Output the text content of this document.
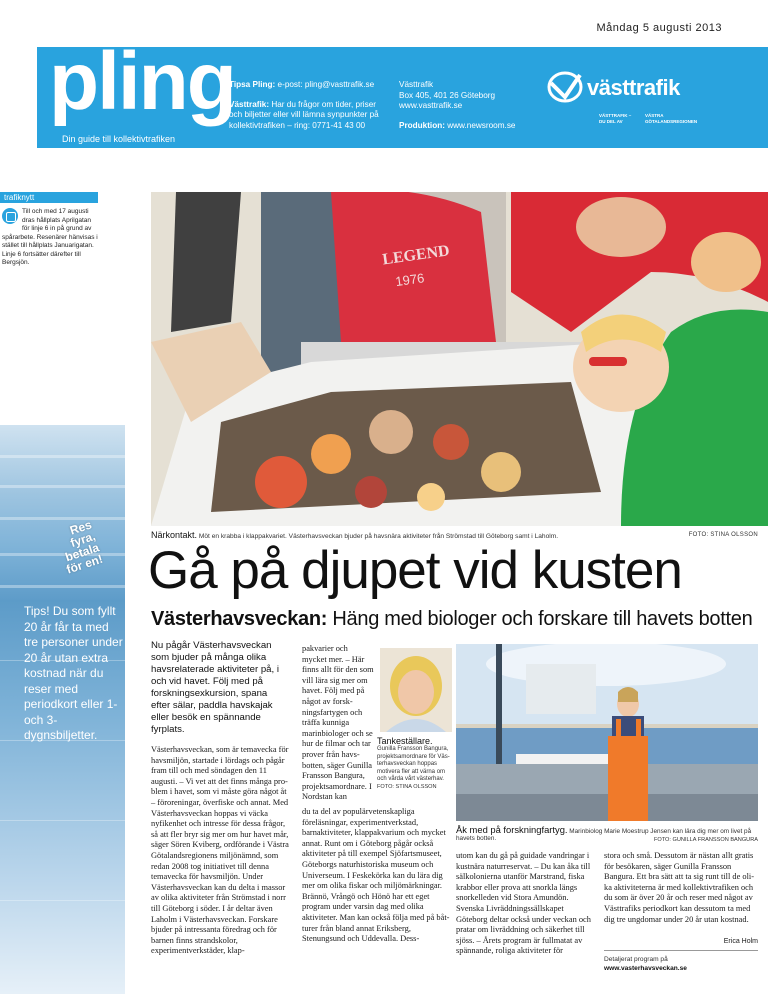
Måndag 5 augusti 2013
pling
Din guide till kollektivtrafiken
Tipsa Pling: e-post: pling@vasttrafik.se
Västtrafik: Har du frågor om tider, priser och biljetter eller vill lämna synpunkter på kollektivtrafiken – ring: 0771-41 43 00
Västtrafik
Box 405, 401 26 Göteborg
www.vasttrafik.se
Produktion: www.newsroom.se
västtrafik
VÄSTTRAFIK – DU DEL AV
VÄSTRA GÖTALANDSREGIONEN
trafiknytt
Till och med 17 augusti dras hållplats Aprilgatan för linje 6 in på grund av spårarbete. Resenärer hänvisas i stället till hållplats Januarigatan. Linje 6 fortsätter därefter till Bergsjön.
Res fyra, betala för en!
Tips! Du som fyllt 20 år får ta med tre personer under 20 år utan extra kostnad när du reser med periodkort eller 1- och 3-dygnsbiljetter.
LEGEND
1976
Närkontakt. Möt en krabba i klappakvariet. Västerhavsveckan bjuder på havsnära aktiviteter från Strömstad till Göteborg samt i Laholm.	FOTO: STINA OLSSON
Gå på djupet vid kusten
Västerhavsveckan: Häng med biologer och forskare till havets botten
Nu pågår Västerhavsveckan som bjuder på många olika havsrelaterade aktiviteter på, i och vid havet. Följ med på forskningsexkursion, spana efter sälar, paddla havskajak eller besök en spännande fyrplats.
Västerhavsveckan, som är temavecka för havsmiljön, startade i lördags och pågår fram till och med söndagen den 11 augusti. – Vi vet att det finns många problem i havet, som vi måste göra något åt – föroreningar, överfiske och annat. Med Västerhavsveckan hoppas vi väcka nyfikenhet och intresse för dessa frågor, så att fler bryr sig mer om hur havet mår, säger Sören Kviberg, ordförande i Västra Götalandsregionens miljönämnd, som redan 2008 tog initiativet till denna temavecka för havsmiljön. Under Västerhavsveckan kan du delta i massor av olika aktiviteter från Strömstad i norr till Göteborg i söder. I år deltar även Laholm i Västerhavsveckan. Forskare bjuder på intressanta föredrag och för barnen finns strandskolor, experimentverkstäder, klap-
pakvarier och mycket mer. – Här finns allt för den som vill lära sig mer om havet. Följ med på något av forskningsfartygen och träffa kunniga marinbiologer och se hur de filmar och tar prover från havsbotten, säger Gunilla Fransson Bangura, projektsamordnare. I Nordstan kan
du ta del av populärvetenskapliga föreläsningar, experimentverkstad, barnaktiviteter, klappakvarium och mycket annat. Runt om i Göteborg pågår också aktiviteter på till exempel Sjöfartsmuseet, Göteborgs naturhistoriska museum och Universeum. I Feskekörka kan du lära dig mer om olika fiskar och miljömärkningar. Brännö, Vrångö och Hönö har ett eget program under varsin dag med olika aktiviteter. Man kan också följa med på båtturer från bland annat Eriksberg, Stenungsund och Uddevalla. Dess-
Tankeställare.
Gunilla Fransson Bangura, projektsamordnare för Västerhavsveckan hoppas motivera fler att värna om och vårda vårt västerhav.
FOTO: STINA OLSSON
Åk med på forskningfartyg. Marinbiolog Marie Moestrup Jensen kan lära dig mer om livet på havets botten.	FOTO: GUNILLA FRANSSON BANGURA
utom kan du gå på guidade vandringar i kustnära naturreservat. – Du kan åka till sälkolonierna utanför Marstrand, fiska krabbor eller prova att snorkla längs snorkelleden vid Stora Amundön. Svenska Livräddningssällskapet Göteborg deltar också under veckan och pratar om livräddning och säkerhet till sjöss. – Årets program är fullmatat av spännande, roliga aktiviteter för
stora och små. Dessutom är nästan allt gratis för besökaren, säger Gunilla Fransson Bangura. Ett bra sätt att ta sig runt till de olika aktiviteterna är med kollektivtrafiken och du som är över 20 år och reser med något av Västtrafiks periodkort kan dessutom ta med dig tre ungdomar under 20 år utan kostnad.
Erica Holm
Detaljerat program på
www.vasterhavsveckan.se
